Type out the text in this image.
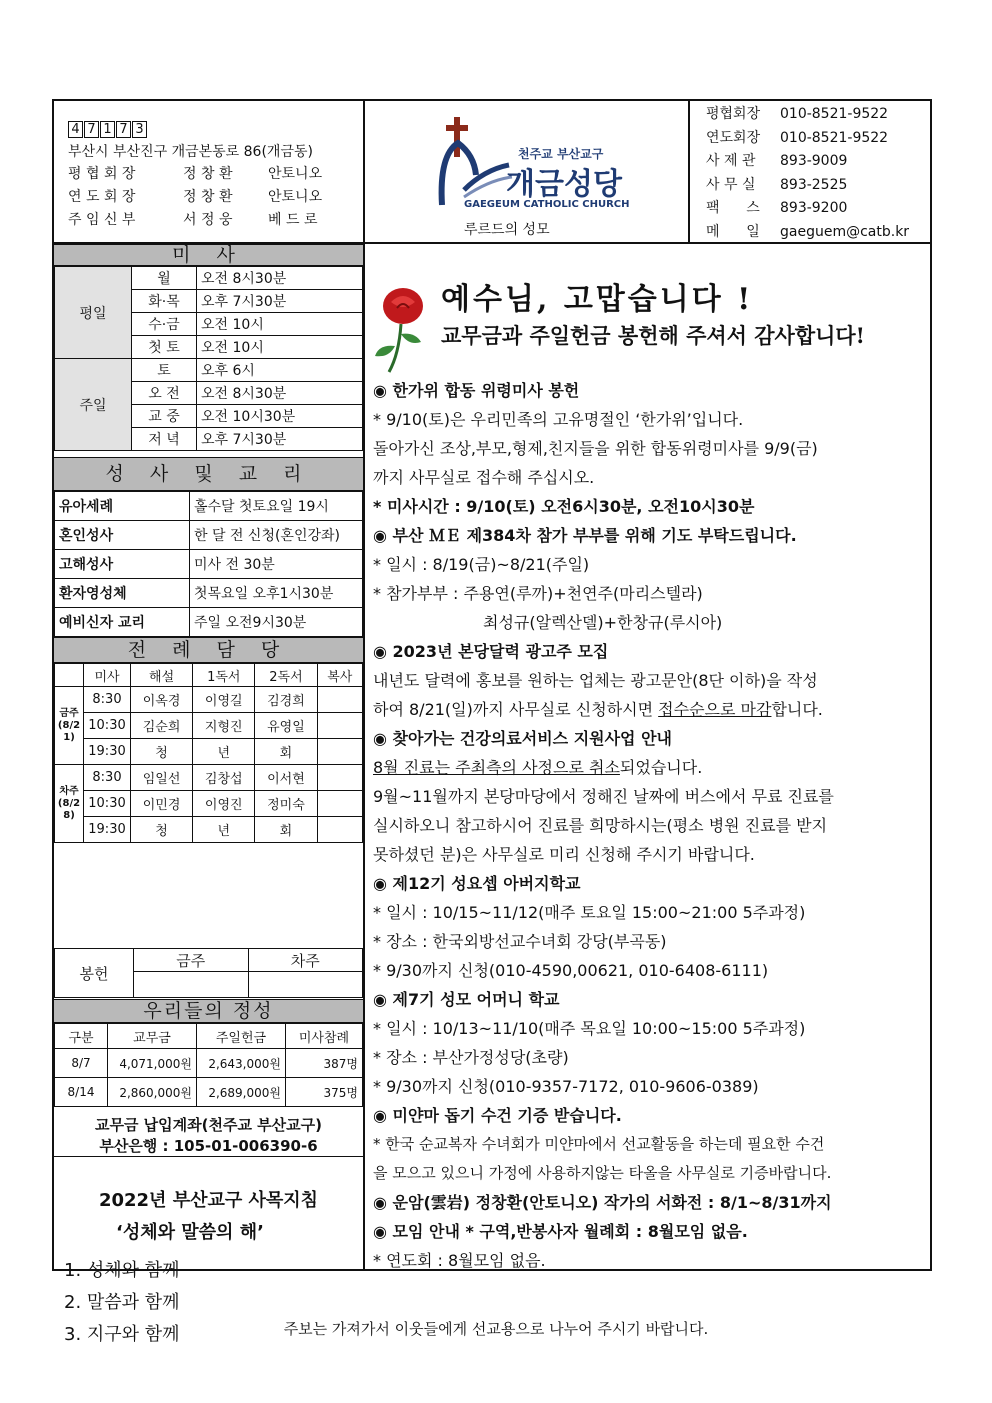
4 7 1 7 3
부산시 부산진구 개금본동로 86(개금동)
평 협 회 장	정 창 환	안토니오
연 도 회 장	정 창 환	안토니오
주 임 신 부	서 정 웅	베 드 로
천주교 부산교구
개금성당
GAEGEUM CATHOLIC CHURCH
루르드의 성모
평협회장	010-8521-9522
연도회장	010-8521-9522
사 제 관	893-9009
사 무 실	893-2525
팩      스	893-9200
메      일	gaeguem@catb.kr
미 사
평일	월	오전 8시30분
	화·목	오후 7시30분
	수·금	오전 10시
	첫 토	오전 10시
주일	토	오후 6시
	오 전	오전 8시30분
	교 중	오전 10시30분
	저 녁	오후 7시30분
성 사 및 교 리
유아세례	홀수달 첫토요일 19시
혼인성사	한 달 전 신청(혼인강좌)
고해성사	미사 전 30분
환자영성체	첫목요일 오후1시30분
예비신자 교리	주일 오전9시30분
전 례 담 당
	미사	해설	1독서	2독서	복사
금주 (8/21)	8:30	이옥경	이영길	김경희	
	10:30	김순희	지형진	유영일	
	19:30	청	년	회	
차주 (8/28)	8:30	임일선	김창섭	이서현	
	10:30	이민경	이영진	정미숙	
	19:30	청	년	회	
봉헌	금주	차주

우리들의 정성
구분	교무금	주일헌금	미사참례
8/7	4,071,000원	2,643,000원	387명
8/14	2,860,000원	2,689,000원	375명
교무금 납입계좌(천주교 부산교구)
부산은행 : 105-01-006390-6
2022년 부산교구 사목지침
‘성체와 말씀의 해’
1. 성체와 함께
2. 말씀과 함께
3. 지구와 함께
예수님, 고맙습니다 !
교무금과 주일헌금 봉헌해 주셔서 감사합니다!

◉ 한가위 합동 위령미사 봉헌

* 9/10(토)은 우리민족의 고유명절인 ‘한가위’입니다.

돌아가신 조상,부모,형제,친지들을 위한 합동위령미사를 9/9(금)

까지 사무실로 접수해 주십시오.

* 미사시간 : 9/10(토) 오전6시30분, 오전10시30분

◉ 부산 ＭＥ 제384차 참가 부부를 위해 기도 부탁드립니다.

* 일시 : 8/19(금)~8/21(주일)

* 참가부부 : 주용연(루까)+천연주(마리스텔라)

최성규(알렉산델)+한창규(루시아)

◉ 2023년 본당달력 광고주 모집

내년도 달력에 홍보를 원하는 업체는 광고문안(8단 이하)을 작성

하여 8/21(일)까지 사무실로 신청하시면 접수순으로 마감합니다.

◉ 찾아가는 건강의료서비스 지원사업 안내

8월 진료는 주최측의 사정으로 취소되었습니다.

9월~11월까지 본당마당에서 정해진 날짜에 버스에서 무료 진료를

실시하오니 참고하시어 진료를 희망하시는(평소 병원 진료를 받지

못하셨던 분)은 사무실로 미리 신청해 주시기 바랍니다.

◉ 제12기 성요셉 아버지학교

* 일시 : 10/15~11/12(매주 토요일 15:00~21:00 5주과정)

* 장소 : 한국외방선교수녀회 강당(부곡동)

* 9/30까지 신청(010-4590,00621, 010-6408-6111)

◉ 제7기 성모 어머니 학교

* 일시 : 10/13~11/10(매주 목요일 10:00~15:00 5주과정)

* 장소 : 부산가정성당(초량)

* 9/30까지 신청(010-9357-7172, 010-9606-0389)

◉ 미얀마 돕기 수건 기증 받습니다.

* 한국 순교복자 수녀회가 미얀마에서 선교활동을 하는데 필요한 수건

을 모으고 있으니 가정에 사용하지않는 타올을 사무실로 기증바랍니다.

◉ 운암(雲岩) 정창환(안토니오) 작가의 서화전 : 8/1~8/31까지

◉ 모임 안내 * 구역,반봉사자 월례회 : 8월모임 없음.

* 연도회 : 8월모임 없음.

주보는 가져가서 이웃들에게 선교용으로 나누어 주시기 바랍니다.
